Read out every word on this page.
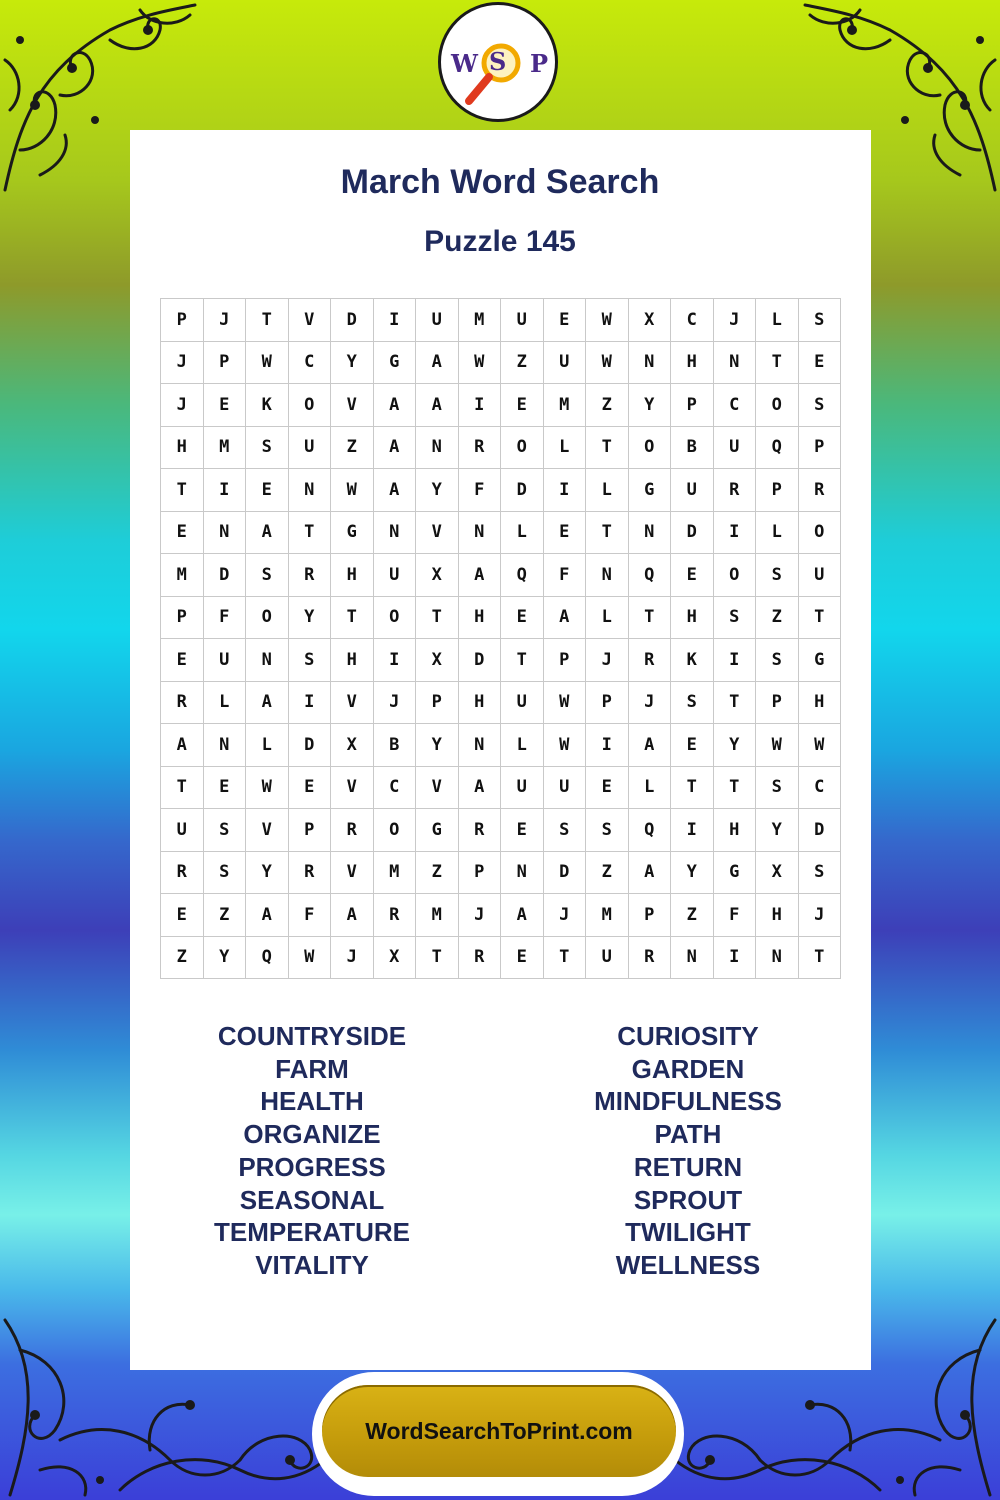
W S P
March Word Search
Puzzle 145
P	J	T	V	D	I	U	M	U	E	W	X	C	J	L	S
J	P	W	C	Y	G	A	W	Z	U	W	N	H	N	T	E
J	E	K	O	V	A	A	I	E	M	Z	Y	P	C	O	S
H	M	S	U	Z	A	N	R	O	L	T	O	B	U	Q	P
T	I	E	N	W	A	Y	F	D	I	L	G	U	R	P	R
E	N	A	T	G	N	V	N	L	E	T	N	D	I	L	O
M	D	S	R	H	U	X	A	Q	F	N	Q	E	O	S	U
P	F	O	Y	T	O	T	H	E	A	L	T	H	S	Z	T
E	U	N	S	H	I	X	D	T	P	J	R	K	I	S	G
R	L	A	I	V	J	P	H	U	W	P	J	S	T	P	H
A	N	L	D	X	B	Y	N	L	W	I	A	E	Y	W	W
T	E	W	E	V	C	V	A	U	U	E	L	T	T	S	C
U	S	V	P	R	O	G	R	E	S	S	Q	I	H	Y	D
R	S	Y	R	V	M	Z	P	N	D	Z	A	Y	G	X	S
E	Z	A	F	A	R	M	J	A	J	M	P	Z	F	H	J
Z	Y	Q	W	J	X	T	R	E	T	U	R	N	I	N	T
COUNTRYSIDE
FARM
HEALTH
ORGANIZE
PROGRESS
SEASONAL
TEMPERATURE
VITALITY
CURIOSITY
GARDEN
MINDFULNESS
PATH
RETURN
SPROUT
TWILIGHT
WELLNESS
WordSearchToPrint.com
